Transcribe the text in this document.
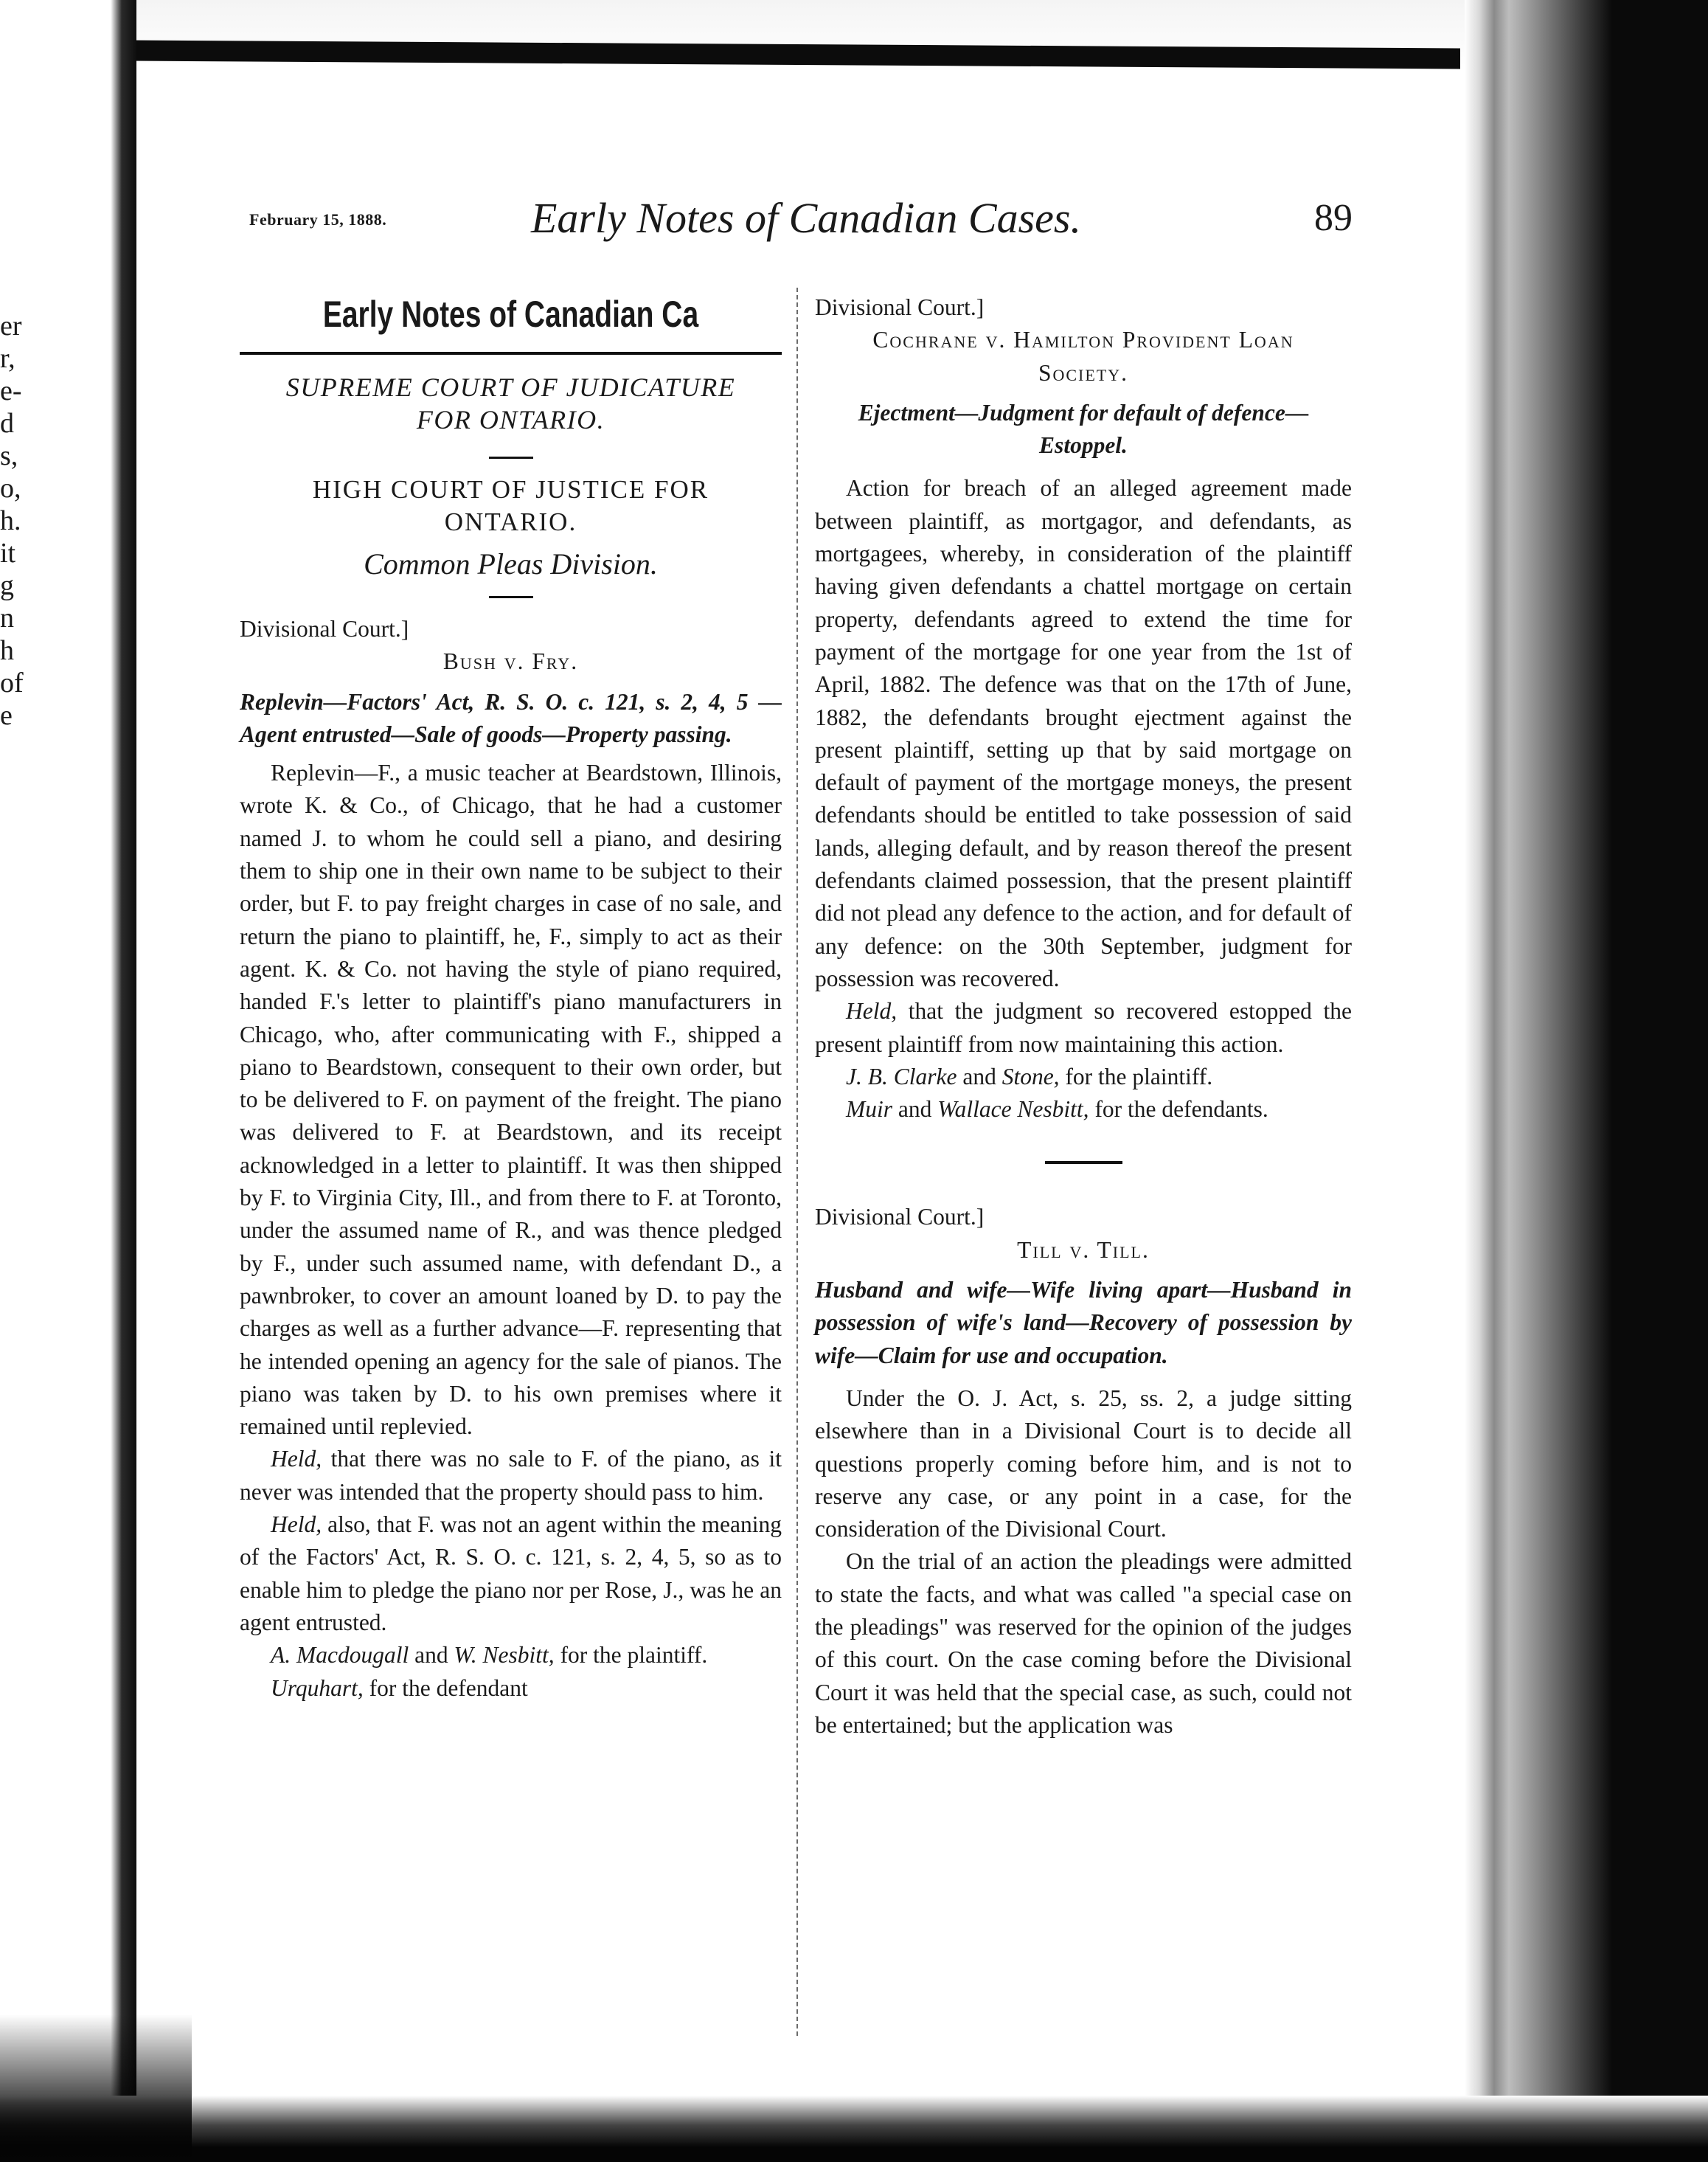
er
r,
e-
d
s,
o,
h.
it
g
n
h
of
e
February 15, 1888.	Early Notes of Canadian Cases.	89
Early Notes of Canadian Ca
SUPREME COURT OF JUDICATURE
FOR ONTARIO.
HIGH COURT OF JUSTICE FOR
ONTARIO.
Common Pleas Division.
Divisional Court.]
Bush v. Fry.
Replevin—Factors' Act, R. S. O. c. 121, s. 2, 4, 5 —Agent entrusted—Sale of goods—Property passing.

Replevin—F., a music teacher at Beardstown, Illinois, wrote K. & Co., of Chicago, that he had a customer named J. to whom he could sell a piano, and desiring them to ship one in their own name to be subject to their order, but F. to pay freight charges in case of no sale, and return the piano to plaintiff, he, F., simply to act as their agent. K. & Co. not having the style of piano required, handed F.'s letter to plaintiff's piano manufacturers in Chicago, who, after communicating with F., shipped a piano to Beardstown, consequent to their own order, but to be delivered to F. on payment of the freight. The piano was delivered to F. at Beardstown, and its receipt acknowledged in a letter to plaintiff. It was then shipped by F. to Virginia City, Ill., and from there to F. at Toronto, under the assumed name of R., and was thence pledged by F., under such assumed name, with defendant D., a pawnbroker, to cover an amount loaned by D. to pay the charges as well as a further advance—F. representing that he intended opening an agency for the sale of pianos. The piano was taken by D. to his own premises where it remained until replevied.

Held, that there was no sale to F. of the piano, as it never was intended that the property should pass to him.

Held, also, that F. was not an agent within the meaning of the Factors' Act, R. S. O. c. 121, s. 2, 4, 5, so as to enable him to pledge the piano nor per Rose, J., was he an agent entrusted.

A. Macdougall and W. Nesbitt, for the plaintiff.

Urquhart, for the defendant

Divisional Court.]
Cochrane v. Hamilton Provident Loan
Society.
Ejectment—Judgment for default of defence—Estoppel.

Action for breach of an alleged agreement made between plaintiff, as mortgagor, and defendants, as mortgagees, whereby, in consideration of the plaintiff having given defendants a chattel mortgage on certain property, defendants agreed to extend the time for payment of the mortgage for one year from the 1st of April, 1882. The defence was that on the 17th of June, 1882, the defendants brought ejectment against the present plaintiff, setting up that by said mortgage on default of payment of the mortgage moneys, the present defendants should be entitled to take possession of said lands, alleging default, and by reason thereof the present defendants claimed possession, that the present plaintiff did not plead any defence to the action, and for default of any defence: on the 30th September, judgment for possession was recovered.

Held, that the judgment so recovered estopped the present plaintiff from now maintaining this action.

J. B. Clarke and Stone, for the plaintiff.

Muir and Wallace Nesbitt, for the defendants.

Divisional Court.]
Till v. Till.
Husband and wife—Wife living apart—Husband in possession of wife's land—Recovery of possession by wife—Claim for use and occupation.

Under the O. J. Act, s. 25, ss. 2, a judge sitting elsewhere than in a Divisional Court is to decide all questions properly coming before him, and is not to reserve any case, or any point in a case, for the consideration of the Divisional Court.

On the trial of an action the pleadings were admitted to state the facts, and what was called "a special case on the pleadings" was reserved for the opinion of the judges of this court. On the case coming before the Divisional Court it was held that the special case, as such, could not be entertained; but the application was
